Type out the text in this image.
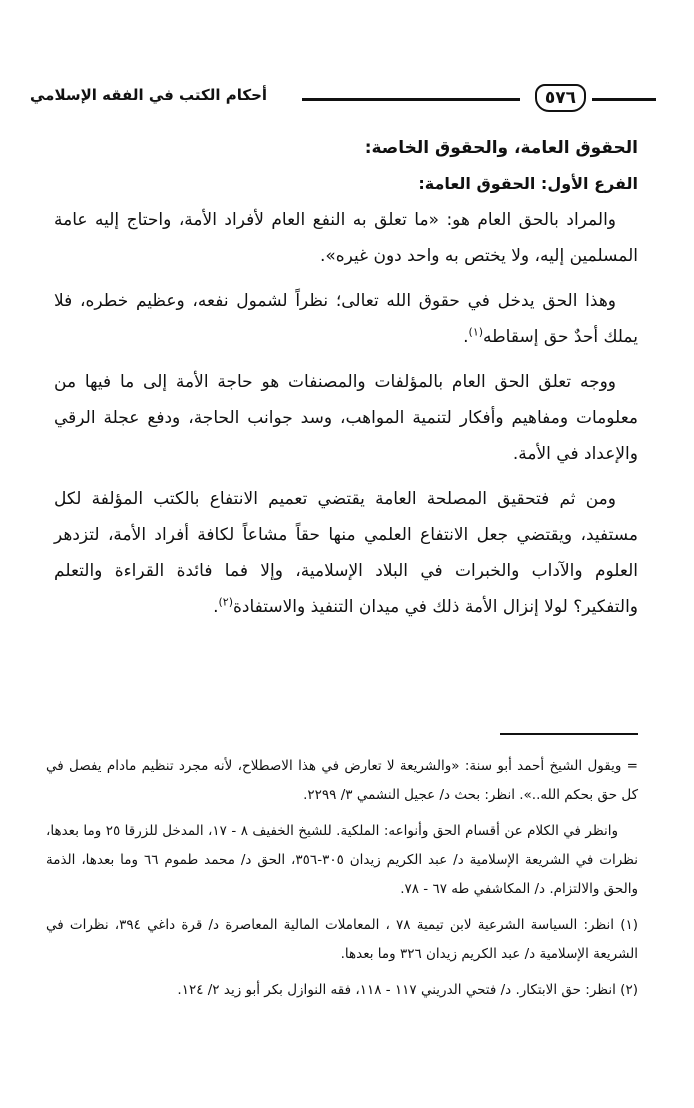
٥٧٦
أحكام الكتب في الفقه الإسلامي
الحقوق العامة، والحقوق الخاصة:
الفرع الأول: الحقوق العامة:

والمراد بالحق العام هو: «ما تعلق به النفع العام لأفراد الأمة، واحتاج إليه عامة المسلمين إليه، ولا يختص به واحد دون غيره».

وهذا الحق يدخل في حقوق الله تعالى؛ نظراً لشمول نفعه، وعظيم خطره، فلا يملك أحدٌ حق إسقاطه$^{(١)}$.

ووجه تعلق الحق العام بالمؤلفات والمصنفات هو حاجة الأمة إلى ما فيها من معلومات ومفاهيم وأفكار لتنمية المواهب، وسد جوانب الحاجة، ودفع عجلة الرقي والإعداد في الأمة.

ومن ثم فتحقيق المصلحة العامة يقتضي تعميم الانتفاع بالكتب المؤلفة لكل مستفيد، ويقتضي جعل الانتفاع العلمي منها حقاً مشاعاً لكافة أفراد الأمة، لتزدهر العلوم والآداب والخبرات في البلاد الإسلامية، وإلا فما فائدة القراءة والتعلم والتفكير؟ لولا إنزال الأمة ذلك في ميدان التنفيذ والاستفادة$^{(٢)}$.

= ويقول الشيخ أحمد أبو سنة: «والشريعة لا تعارض في هذا الاصطلاح، لأنه مجرد تنظيم مادام يفصل في كل حق بحكم الله..». انظر: بحث د/ عجيل النشمي ٣/ ٢٢٩٩.

وانظر في الكلام عن أقسام الحق وأنواعه: الملكية. للشيخ الخفيف ٨ - ١٧، المدخل للزرقا ٢٥ وما بعدها، نظرات في الشريعة الإسلامية د/ عبد الكريم زيدان ٣٠٥-٣٥٦، الحق د/ محمد طموم ٦٦ وما بعدها، الذمة والحق والالتزام. د/ المكاشفي طه ٦٧ - ٧٨.

(١) انظر: السياسة الشرعية لابن تيمية ٧٨ ، المعاملات المالية المعاصرة د/ قرة داغي ٣٩٤، نظرات في الشريعة الإسلامية د/ عبد الكريم زيدان ٣٢٦ وما بعدها.

(٢) انظر: حق الابتكار. د/ فتحي الدريني ١١٧ - ١١٨، فقه النوازل بكر أبو زيد ٢/ ١٢٤.
